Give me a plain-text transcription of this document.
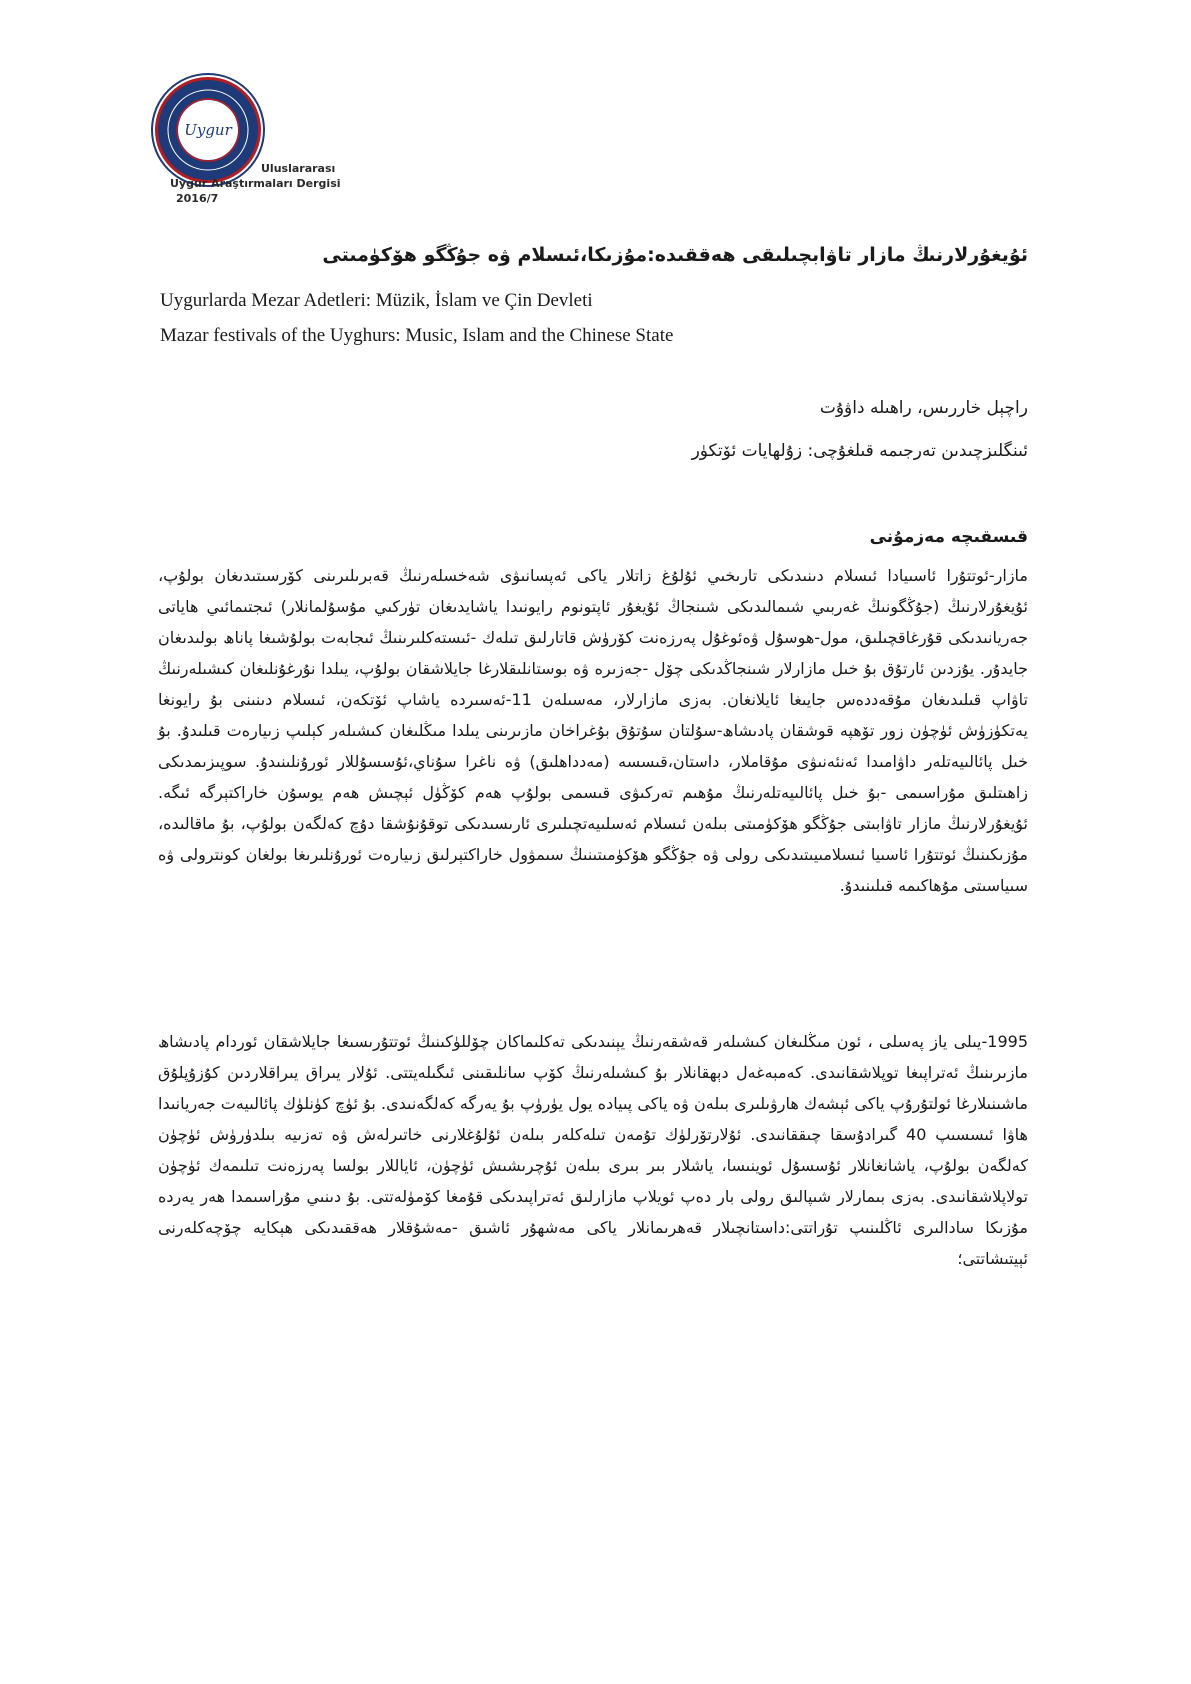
Uygur
Uluslararası
Uygur Araştırmaları Dergisi
2016/7
ئۇيغۇرلارنىڭ مازار تاۋابچىلىقى ھەققىدە:مۇزىكا،ئىسلام ۋە جۇڭگو ھۆكۈمىتى
Uygurlarda Mezar Adetleri: Müzik, İslam ve Çin Devleti
Mazar festivals of the Uyghurs: Music, Islam and the Chinese State
راچېل خاررىس، راھىلە داۋۇت
ئىنگلىزچىدىن تەرجىمە قىلغۇچى: زۇلھايات ئۆتكۈر
قىسقىچە مەزمۇنى

مازار-ئوتتۇرا ئاسىيادا ئىسلام دىنىدىكى تارىخىي ئۇلۇغ زاتلار ياكى ئەپسانىۋى شەخسلەرنىڭ قەبرىلىرىنى كۆرسىتىدىغان بولۇپ، ئۇيغۇرلارنىڭ (جۇڭگونىڭ غەربىي شىمالىدىكى شىنجاڭ ئۇيغۇر ئاپتونوم رايونىدا ياشايدىغان تۈركىي مۇسۇلمانلار) ئىجتىمائىي ھاياتى جەريانىدىكى قۇرغاقچىلىق، مول-ھوسۇل ۋەئوغۇل پەرزەنت كۆرۈش قاتارلىق تىلەك -ئىستەكلىرىنىڭ ئىجابەت بولۇشىغا پاناھ بولىدىغان جايدۇر. يۇزدىن ئارتۇق بۇ خىل مازارلار شىنجاڭدىكى چۆل -جەزىرە ۋە بوستانلىقلارغا جايلاشقان بولۇپ، يىلدا نۇرغۇنلىغان كىشىلەرنىڭ تاۋاپ قىلىدىغان مۇقەددەس جايىغا ئايلانغان. بەزى مازارلار، مەسىلەن 11-ئەسىردە ياشاپ ئۆتكەن، ئىسلام دىنىنى بۇ رايونغا يەتكۈزۈش ئۈچۈن زور تۆھپە قوشقان پادىشاھ-سۇلتان سۇتۇق بۇغراخان مازىرىنى يىلدا مىڭلىغان كىشىلەر كېلىپ زىيارەت قىلىدۇ. بۇ خىل پائالىيەتلەر داۋامىدا ئەنئەنىۋى مۇقاملار، داستان،قىسسە (مەدداھلىق) ۋە ناغرا سۇناي،ئۇسسۇللار ئورۇنلىنىدۇ. سوپىزىمدىكى زاھىتلىق مۇراسىمى -بۇ خىل پائالىيەتلەرنىڭ مۇھىم تەركىۋى قىسمى بولۇپ ھەم كۆڭۈل ئېچىش ھەم يوسۇن خاراكتېرگە ئىگە. ئۇيغۇرلارنىڭ مازار تاۋابىتى جۇڭگو ھۆكۈمىتى بىلەن ئىسلام ئەسلىيەتچىلىرى ئارىسىدىكى توقۇنۇشقا دۇچ كەلگەن بولۇپ، بۇ ماقالىدە، مۇزىكىنىڭ ئوتتۇرا ئاسىيا ئىسلامىيىتىدىكى رولى ۋە جۇڭگو ھۆكۈمىتىنىڭ سىمۋول خاراكتېرلىق زىيارەت ئورۇنلىرىغا بولغان كونترولى ۋە سىياسىتى مۇھاكىمە قىلىنىدۇ.

1995-يىلى ياز پەسلى ، ئون مىڭلىغان كىشىلەر قەشقەرنىڭ يېنىدىكى تەكلىماكان چۆللۈكىنىڭ ئوتتۇرىسىغا جايلاشقان ئوردام پادىشاھ مازىرىنىڭ ئەتراپىغا توپلاشقانىدى. كەمبەغەل دېھقانلار بۇ كىشىلەرنىڭ كۆپ سانلىقىنى ئىگىلەيتتى. ئۇلار يىراق يىراقلاردىن كۇزۇپلۇق ماشىنىلارغا ئولتۇرۇپ ياكى ئېشەك ھارۋىلىرى بىلەن ۋە ياكى پىيادە يول يۈرۈپ بۇ يەرگە كەلگەنىدى. بۇ ئۈچ كۈنلۈك پائالىيەت جەريانىدا ھاۋا ئىسسىپ 40 گىرادۇسقا چىققانىدى. ئۇلارتۆرلۈك تۇمەن تىلەكلەر بىلەن ئۇلۇغلارنى خاتىرلەش ۋە تەزىيە بىلدۈرۈش ئۈچۈن كەلگەن بولۇپ، ياشانغانلار ئۇسسۇل ئوينىسا، ياشلار بىر بىرى بىلەن ئۇچرىشىش ئۈچۈن، ئاياللار بولسا پەرزەنت تىلىمەك ئۈچۈن تولاپلاشقانىدى. بەزى بىمارلار شىپالىق رولى بار دەپ ئويلاپ مازارلىق ئەتراپىدىكى قۇمغا كۆمۈلەتتى. بۇ دىنىي مۇراسىمدا ھەر يەردە مۇزىكا سادالىرى ئاڭلىنىپ تۇراتتى:داستانچىلار قەھرىمانلار ياكى مەشھۇر ئاشىق -مەشۇقلار ھەققىدىكى ھېكايە چۆچەكلەرنى ئېيتىشاتتى؛
